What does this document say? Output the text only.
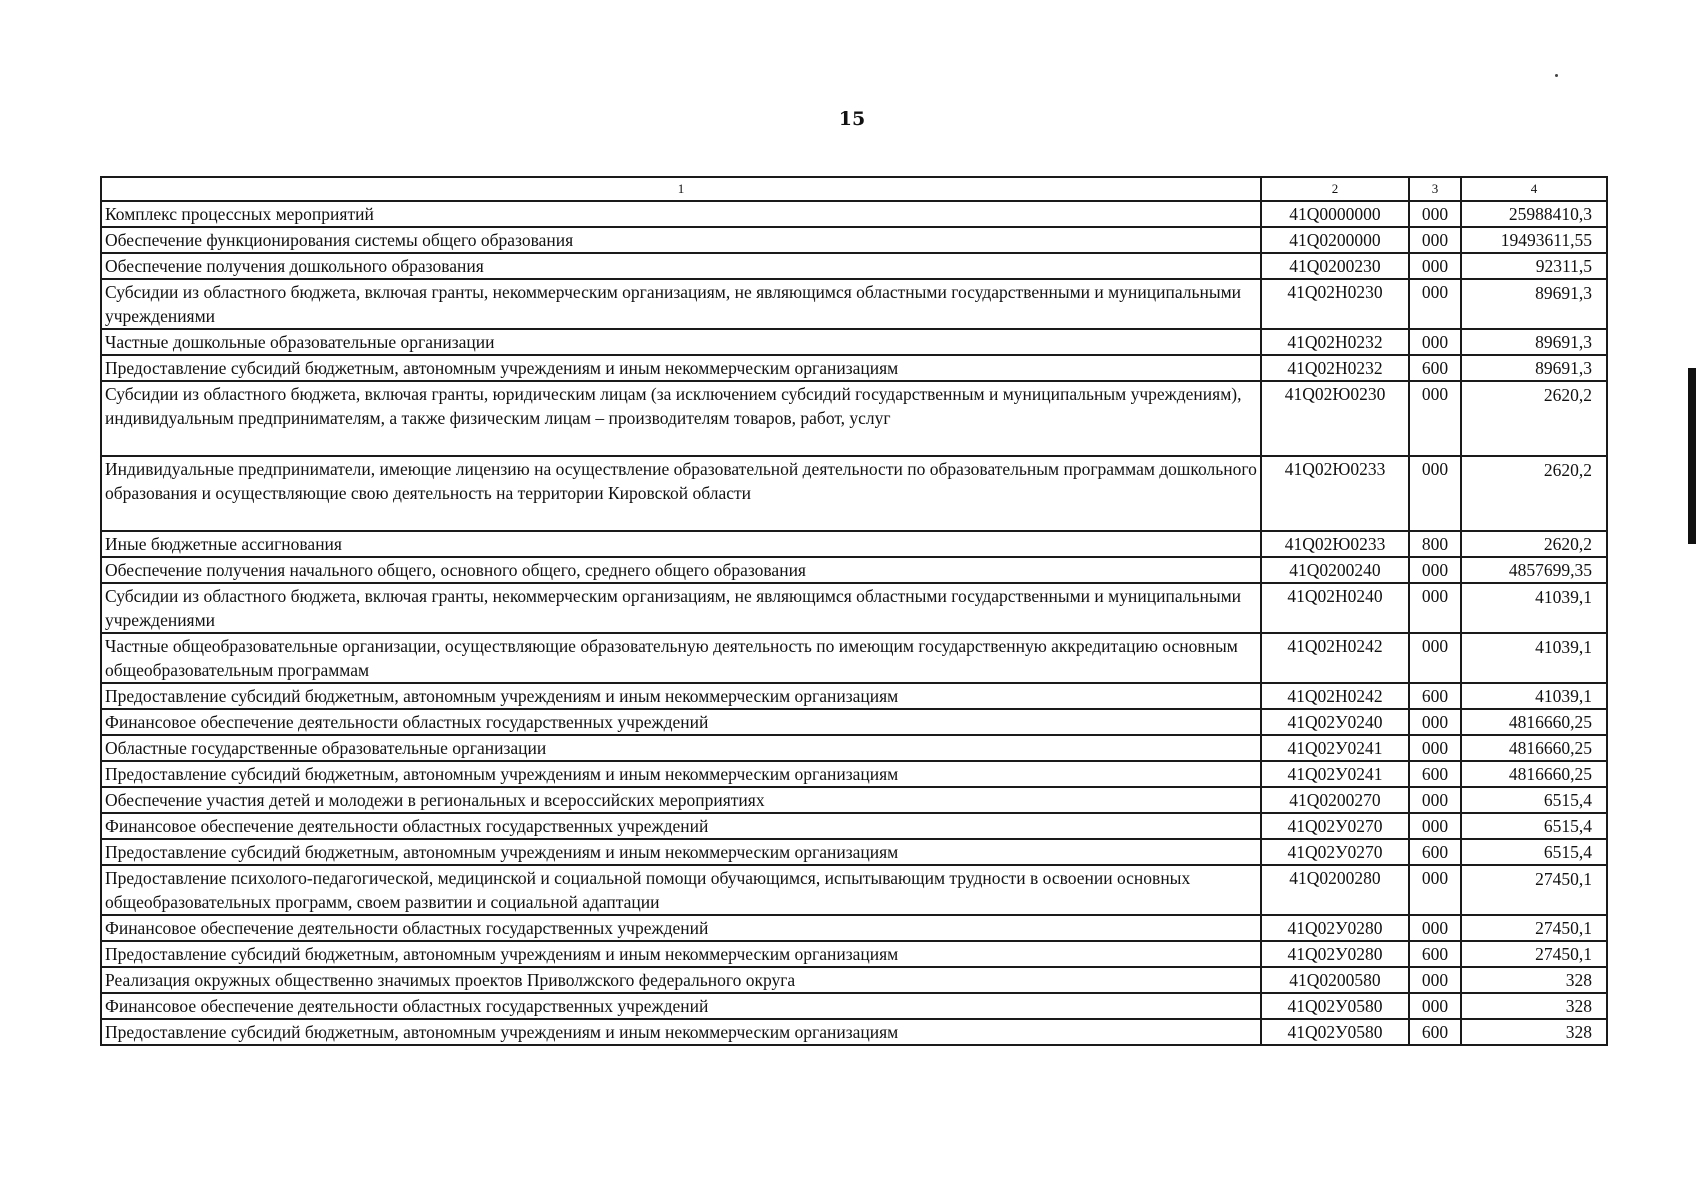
15
1	2	3	4
Комплекс процессных мероприятий	41Q0000000	000	25988410,3
Обеспечение функционирования системы общего образования	41Q0200000	000	19493611,55
Обеспечение получения дошкольного образования	41Q0200230	000	92311,5
Субсидии из областного бюджета, включая гранты, некоммерческим организациям, не являющимся областными государственными и муниципальными учреждениями	41Q02H0230	000	89691,3
Частные дошкольные образовательные организации	41Q02H0232	000	89691,3
Предоставление субсидий бюджетным, автономным учреждениям и иным некоммерческим организациям	41Q02H0232	600	89691,3
Субсидии из областного бюджета, включая гранты, юридическим лицам (за исключением субсидий государственным и муниципальным учреждениям), индивидуальным предпринимателям, а также физическим лицам – производителям товаров, работ, услуг	41Q02Ю0230	000	2620,2
Индивидуальные предприниматели, имеющие лицензию на осуществление образовательной деятельности по образовательным программам дошкольного образования и осуществляющие свою деятельность на территории Кировской области	41Q02Ю0233	000	2620,2
Иные бюджетные ассигнования	41Q02Ю0233	800	2620,2
Обеспечение получения начального общего, основного общего, среднего общего образования	41Q0200240	000	4857699,35
Субсидии из областного бюджета, включая гранты, некоммерческим организациям, не являющимся областными государственными и муниципальными учреждениями	41Q02H0240	000	41039,1
Частные общеобразовательные организации, осуществляющие образовательную деятельность по имеющим государственную аккредитацию основным общеобразовательным программам	41Q02H0242	000	41039,1
Предоставление субсидий бюджетным, автономным учреждениям и иным некоммерческим организациям	41Q02H0242	600	41039,1
Финансовое обеспечение деятельности областных государственных учреждений	41Q02У0240	000	4816660,25
Областные государственные образовательные организации	41Q02У0241	000	4816660,25
Предоставление субсидий бюджетным, автономным учреждениям и иным некоммерческим организациям	41Q02У0241	600	4816660,25
Обеспечение участия детей и молодежи в региональных и всероссийских мероприятиях	41Q0200270	000	6515,4
Финансовое обеспечение деятельности областных государственных учреждений	41Q02У0270	000	6515,4
Предоставление субсидий бюджетным, автономным учреждениям и иным некоммерческим организациям	41Q02У0270	600	6515,4
Предоставление психолого-педагогической, медицинской и социальной помощи обучающимся, испытывающим трудности в освоении основных общеобразовательных программ, своем развитии и социальной адаптации	41Q0200280	000	27450,1
Финансовое обеспечение деятельности областных государственных учреждений	41Q02У0280	000	27450,1
Предоставление субсидий бюджетным, автономным учреждениям и иным некоммерческим организациям	41Q02У0280	600	27450,1
Реализация окружных общественно значимых проектов Приволжского федерального округа	41Q0200580	000	328
Финансовое обеспечение деятельности областных государственных учреждений	41Q02У0580	000	328
Предоставление субсидий бюджетным, автономным учреждениям и иным некоммерческим организациям	41Q02У0580	600	328
